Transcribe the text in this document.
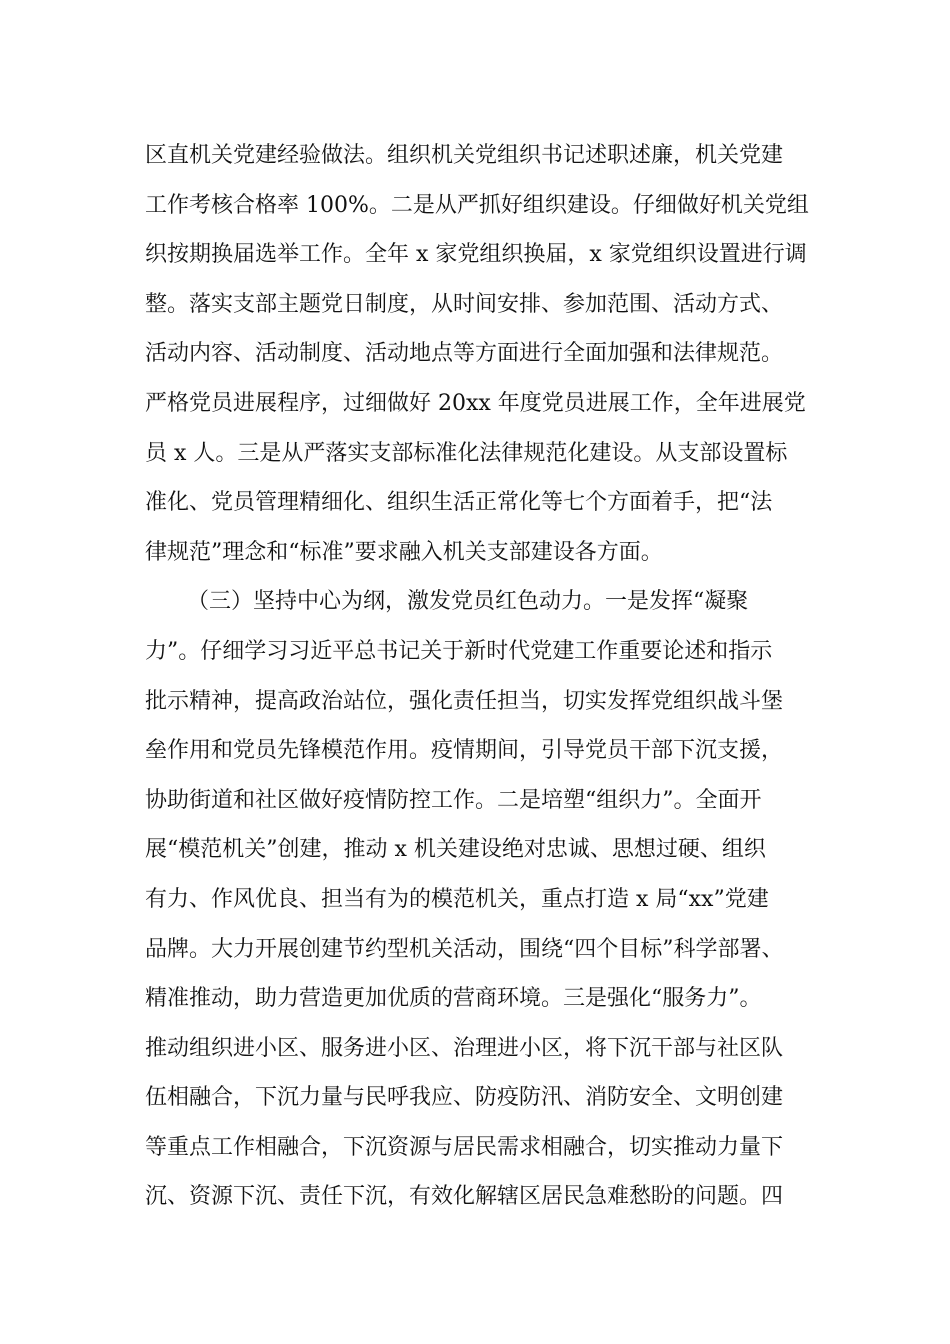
区直机关党建经验做法。组织机关党组织书记述职述廉，机关党建
工作考核合格率 100%。二是从严抓好组织建设。仔细做好机关党组
织按期换届选举工作。全年 x 家党组织换届，x 家党组织设置进行调
整。落实支部主题党日制度，从时间安排、参加范围、活动方式、
活动内容、活动制度、活动地点等方面进行全面加强和法律规范。
严格党员进展程序，过细做好 20xx 年度党员进展工作，全年进展党
员 x 人。三是从严落实支部标准化法律规范化建设。从支部设置标
准化、党员管理精细化、组织生活正常化等七个方面着手，把“法
律规范”理念和“标准”要求融入机关支部建设各方面。
（三）坚持中心为纲，激发党员红色动力。一是发挥“凝聚
力”。仔细学习习近平总书记关于新时代党建工作重要论述和指示
批示精神，提高政治站位，强化责任担当，切实发挥党组织战斗堡
垒作用和党员先锋模范作用。疫情期间，引导党员干部下沉支援，
协助街道和社区做好疫情防控工作。二是培塑“组织力”。全面开
展“模范机关”创建，推动 x 机关建设绝对忠诚、思想过硬、组织
有力、作风优良、担当有为的模范机关，重点打造 x 局“xx”党建
品牌。大力开展创建节约型机关活动，围绕“四个目标”科学部署、
精准推动，助力营造更加优质的营商环境。三是强化“服务力”。
推动组织进小区、服务进小区、治理进小区，将下沉干部与社区队
伍相融合，下沉力量与民呼我应、防疫防汛、消防安全、文明创建
等重点工作相融合，下沉资源与居民需求相融合，切实推动力量下
沉、资源下沉、责任下沉，有效化解辖区居民急难愁盼的问题。四
